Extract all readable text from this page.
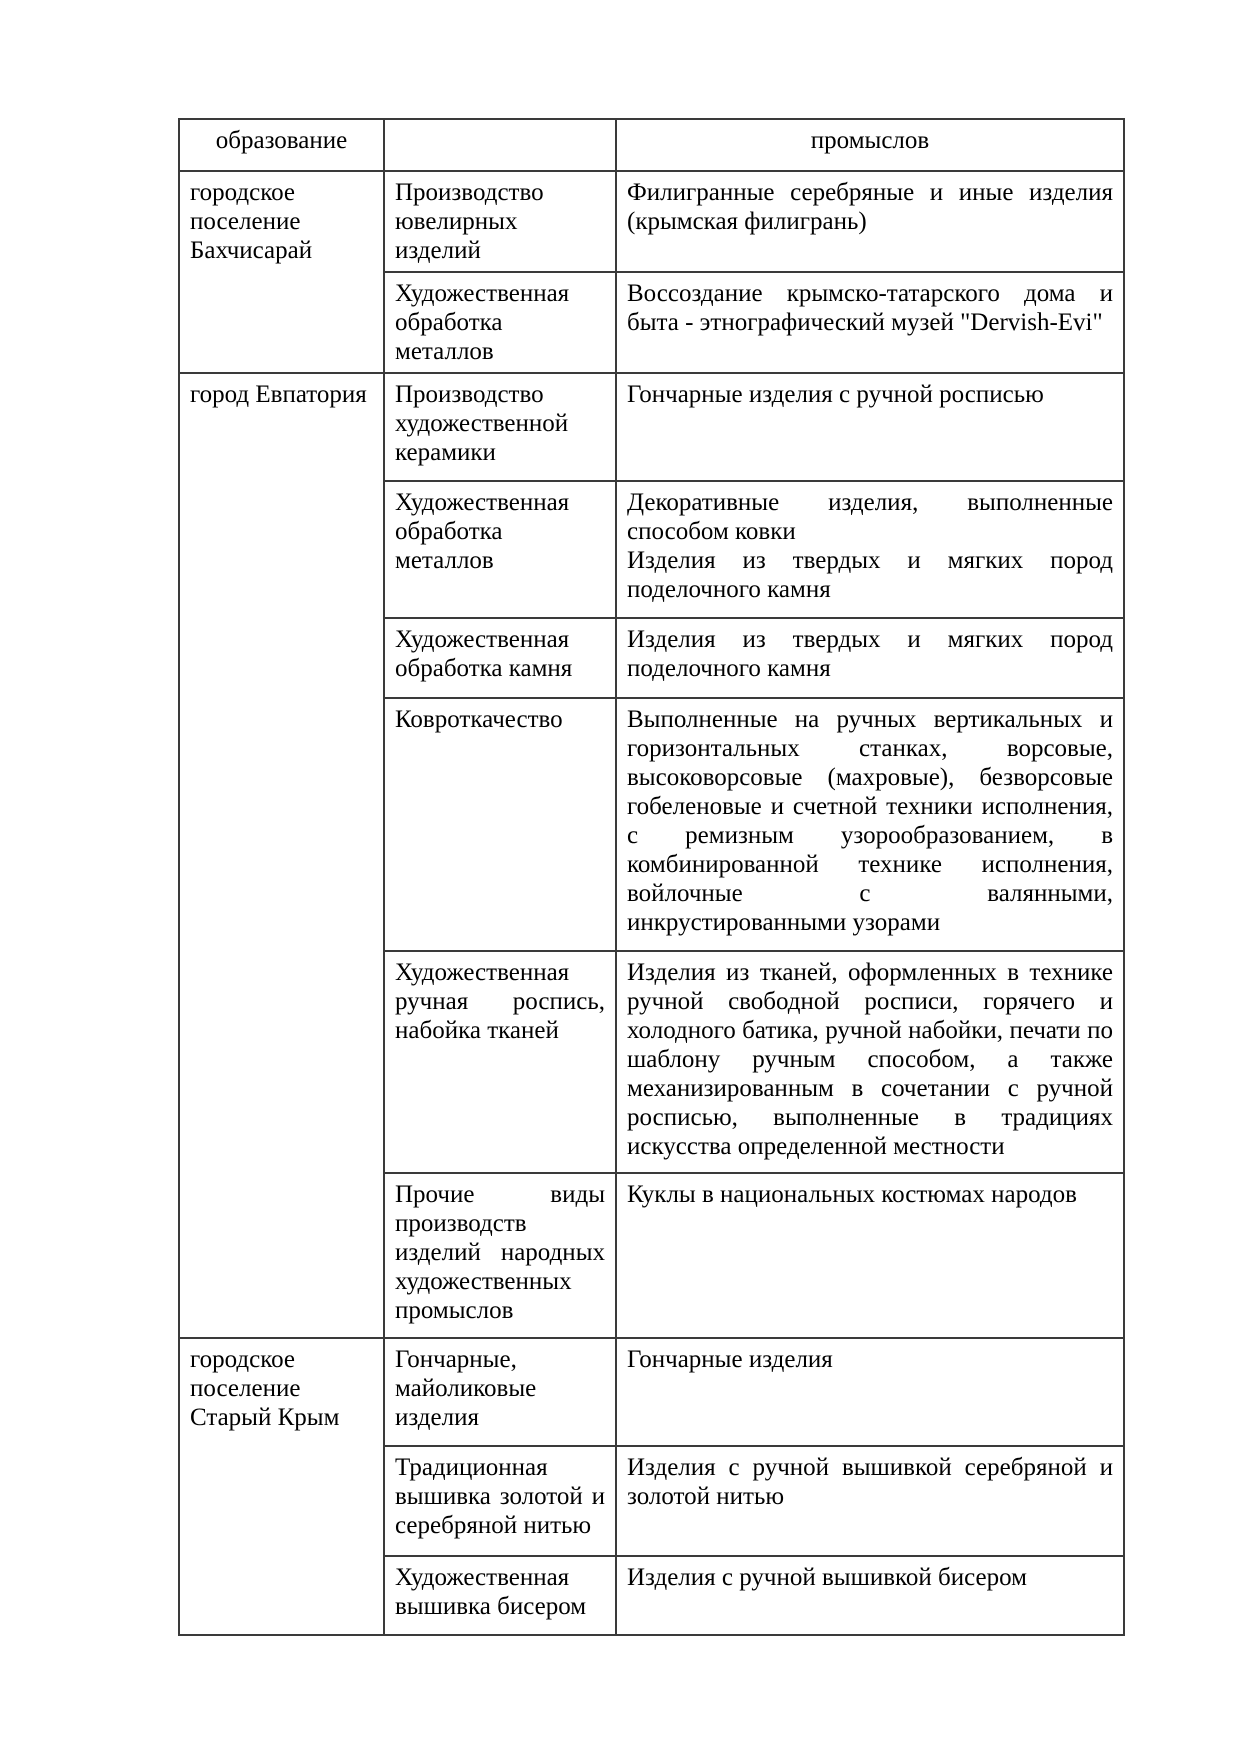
образование		промыслов
городское поселение Бахчисарай	Производство ювелирных изделий	Филигранные серебряные и иные изделия (крымская филигрань)

	Художественная обработка металлов	Воссоздание крымско-татарского дома и быта - этнографический музей "Dervish-Evi"

город Евпатория	Производство художественной керамики	Гончарные изделия с ручной росписью

	Художественная обработка металлов	Декоративные изделия, выполненные способом ковки
Изделия из твердых и мягких пород поделочного камня

	Художественная обработка камня	Изделия из твердых и мягких пород поделочного камня

	Ковроткачество	Выполненные на ручных вертикальных и горизонтальных станках, ворсовые, высоковорсовые (махровые), безворсовые гобеленовые и счетной техники исполнения, с ремизным узорообразованием, в комбинированной технике исполнения, войлочные с валянными, инкрустированными узорами

	Художественная ручная роспись, набойка тканей	Изделия из тканей, оформленных в технике ручной свободной росписи, горячего и холодного батика, ручной набойки, печати по шаблону ручным способом, а также механизированным в сочетании с ручной росписью, выполненные в традициях искусства определенной местности

	Прочие виды производств изделий народных художественных промыслов	Куклы в национальных костюмах народов

городское поселение Старый Крым	Гончарные, майоликовые изделия	Гончарные изделия

	Традиционная вышивка золотой и серебряной нитью	Изделия с ручной вышивкой серебряной и золотой нитью

	Художественная вышивка бисером	Изделия с ручной вышивкой бисером
